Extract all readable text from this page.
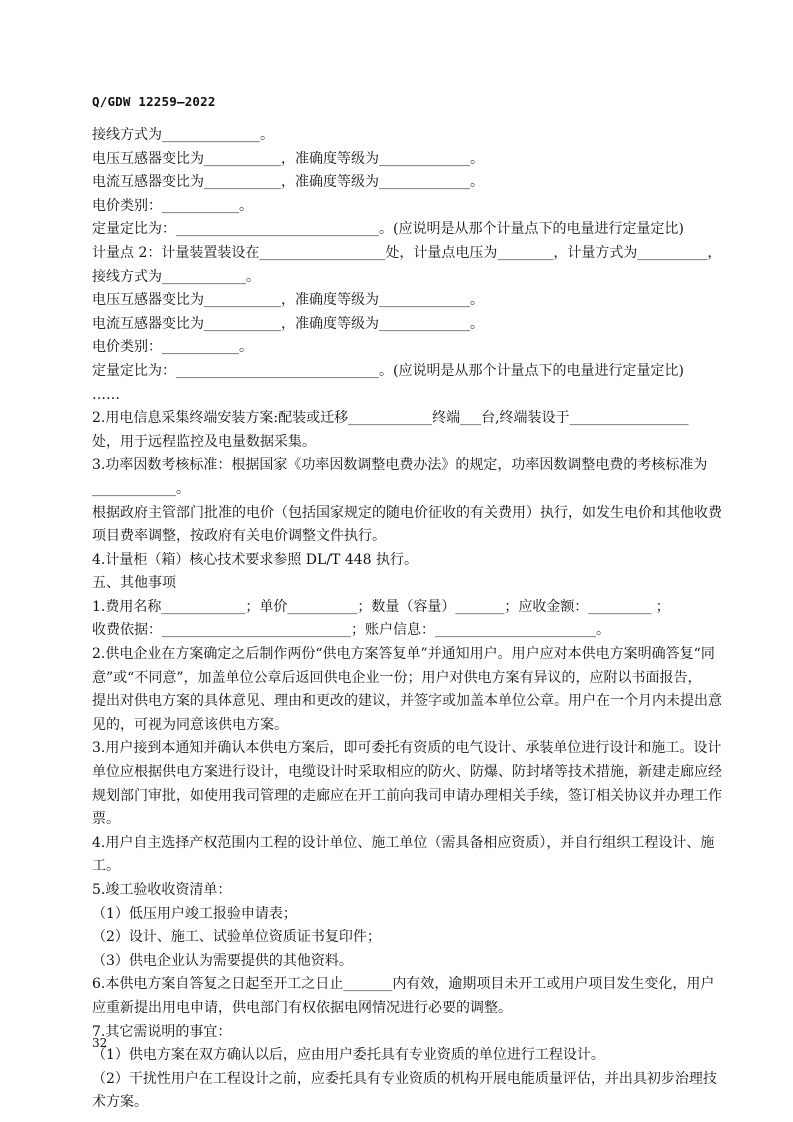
Q/GDW 12259—2022

接线方式为______________。

电压互感器变比为___________，准确度等级为_____________。

电流互感器变比为___________，准确度等级为_____________。

电价类别：___________。

定量定比为：_____________________________。(应说明是从那个计量点下的电量进行定量定比)

计量点 2：计量装置装设在__________________处，计量点电压为________，计量方式为__________，

接线方式为____________。

电压互感器变比为___________，准确度等级为_____________。

电流互感器变比为___________，准确度等级为_____________。

电价类别：___________。

定量定比为：_____________________________。(应说明是从那个计量点下的电量进行定量定比)

……

2.用电信息采集终端安装方案:配装或迁移____________终端___台,终端装设于_________________

处，用于远程监控及电量数据采集。

3.功率因数考核标准：根据国家《功率因数调整电费办法》的规定，功率因数调整电费的考核标准为

____________。

根据政府主管部门批准的电价（包括国家规定的随电价征收的有关费用）执行，如发生电价和其他收费

项目费率调整，按政府有关电价调整文件执行。

4.计量柜（箱）核心技术要求参照 DL/T 448 执行。

五、其他事项

1.费用名称____________；单价__________；数量（容量）_______；应收金额：_________ ；

收费依据：___________________________；账户信息：_______________________。

2.供电企业在方案确定之后制作两份“供电方案答复单”并通知用户。用户应对本供电方案明确答复“同

意”或“不同意”，加盖单位公章后返回供电企业一份；用户对供电方案有异议的，应附以书面报告，

提出对供电方案的具体意见、理由和更改的建议，并签字或加盖本单位公章。用户在一个月内未提出意

见的，可视为同意该供电方案。

3.用户接到本通知并确认本供电方案后，即可委托有资质的电气设计、承装单位进行设计和施工。设计

单位应根据供电方案进行设计，电缆设计时采取相应的防火、防爆、防封堵等技术措施，新建走廊应经

规划部门审批，如使用我司管理的走廊应在开工前向我司申请办理相关手续，签订相关协议并办理工作

票。

4.用户自主选择产权范围内工程的设计单位、施工单位（需具备相应资质），并自行组织工程设计、施

工。

5.竣工验收收资清单：

（1）低压用户竣工报验申请表；

（2）设计、施工、试验单位资质证书复印件；

（3）供电企业认为需要提供的其他资料。

6.本供电方案自答复之日起至开工之日止_______内有效，逾期项目未开工或用户项目发生变化，用户

应重新提出用电申请，供电部门有权依据电网情况进行必要的调整。

7.其它需说明的事宜：

（1）供电方案在双方确认以后，应由用户委托具有专业资质的单位进行工程设计。

（2）干扰性用户在工程设计之前，应委托具有专业资质的机构开展电能质量评估，并出具初步治理技

术方案。

32
